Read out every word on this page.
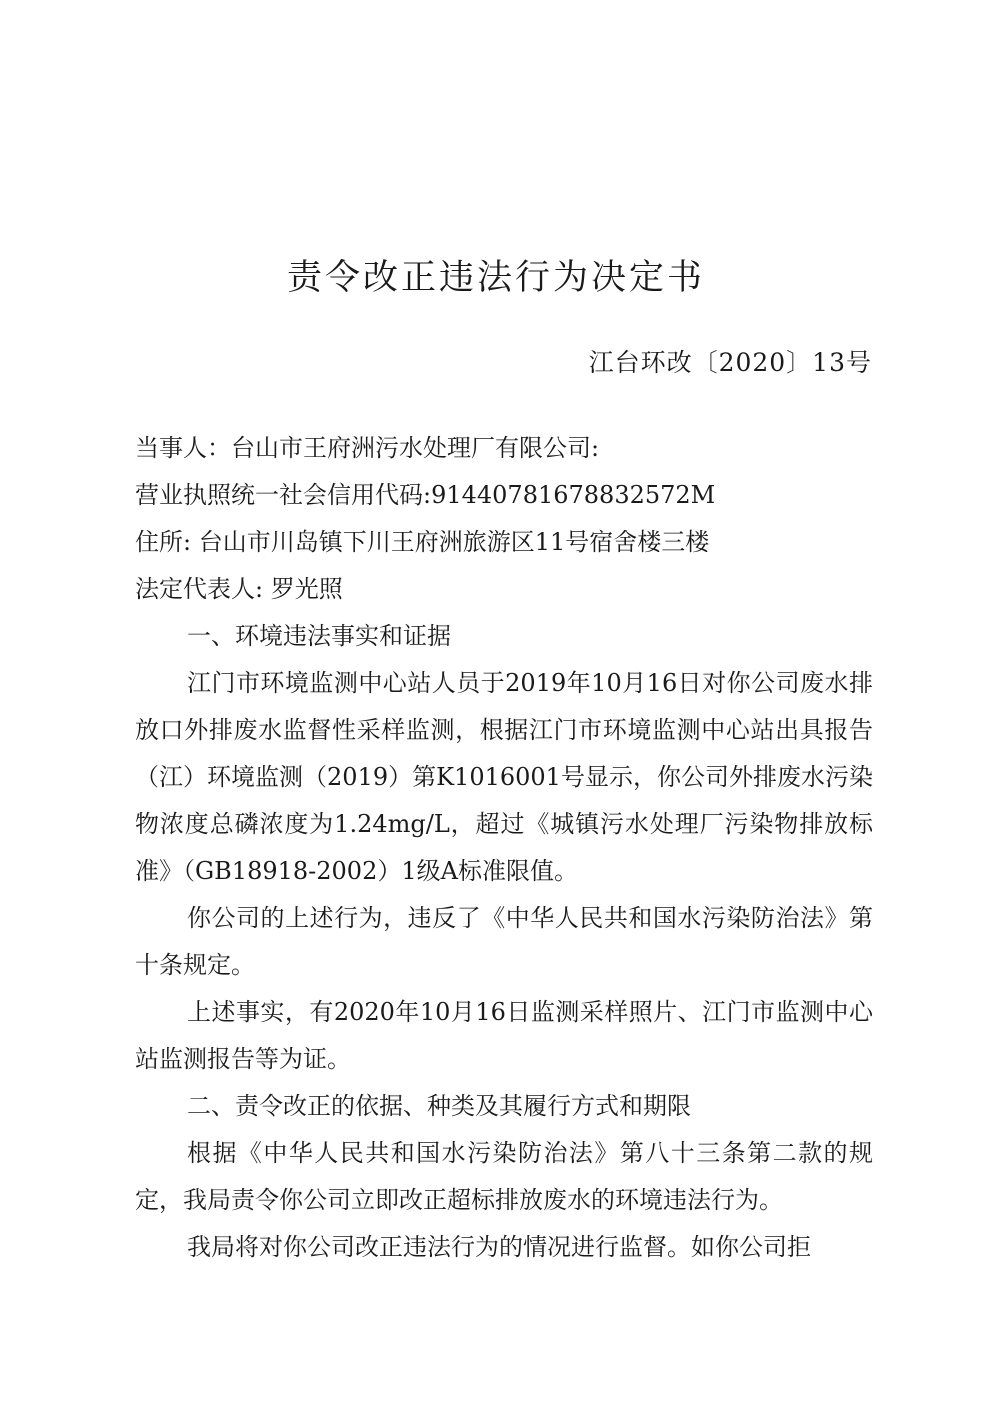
责令改正违法行为决定书
江台环改〔2020〕13号
当事人：台山市王府洲污水处理厂有限公司:
营业执照统一社会信用代码:91440781678832572M
住所: 台山市川岛镇下川王府洲旅游区11号宿舍楼三楼
法定代表人: 罗光照

一、环境违法事实和证据

江门市环境监测中心站人员于2019年10月16日对你公司废水排放口外排废水监督性采样监测，根据江门市环境监测中心站出具报告（江）环境监测（2019）第K1016001号显示，你公司外排废水污染物浓度总磷浓度为1.24mg/L，超过《城镇污水处理厂污染物排放标准》（GB18918-2002）1级A标准限值。

你公司的上述行为，违反了《中华人民共和国水污染防治法》第十条规定。

上述事实，有2020年10月16日监测采样照片、江门市监测中心站监测报告等为证。

二、责令改正的依据、种类及其履行方式和期限

根据《中华人民共和国水污染防治法》第八十三条第二款的规定，我局责令你公司立即改正超标排放废水的环境违法行为。

我局将对你公司改正违法行为的情况进行监督。如你公司拒
